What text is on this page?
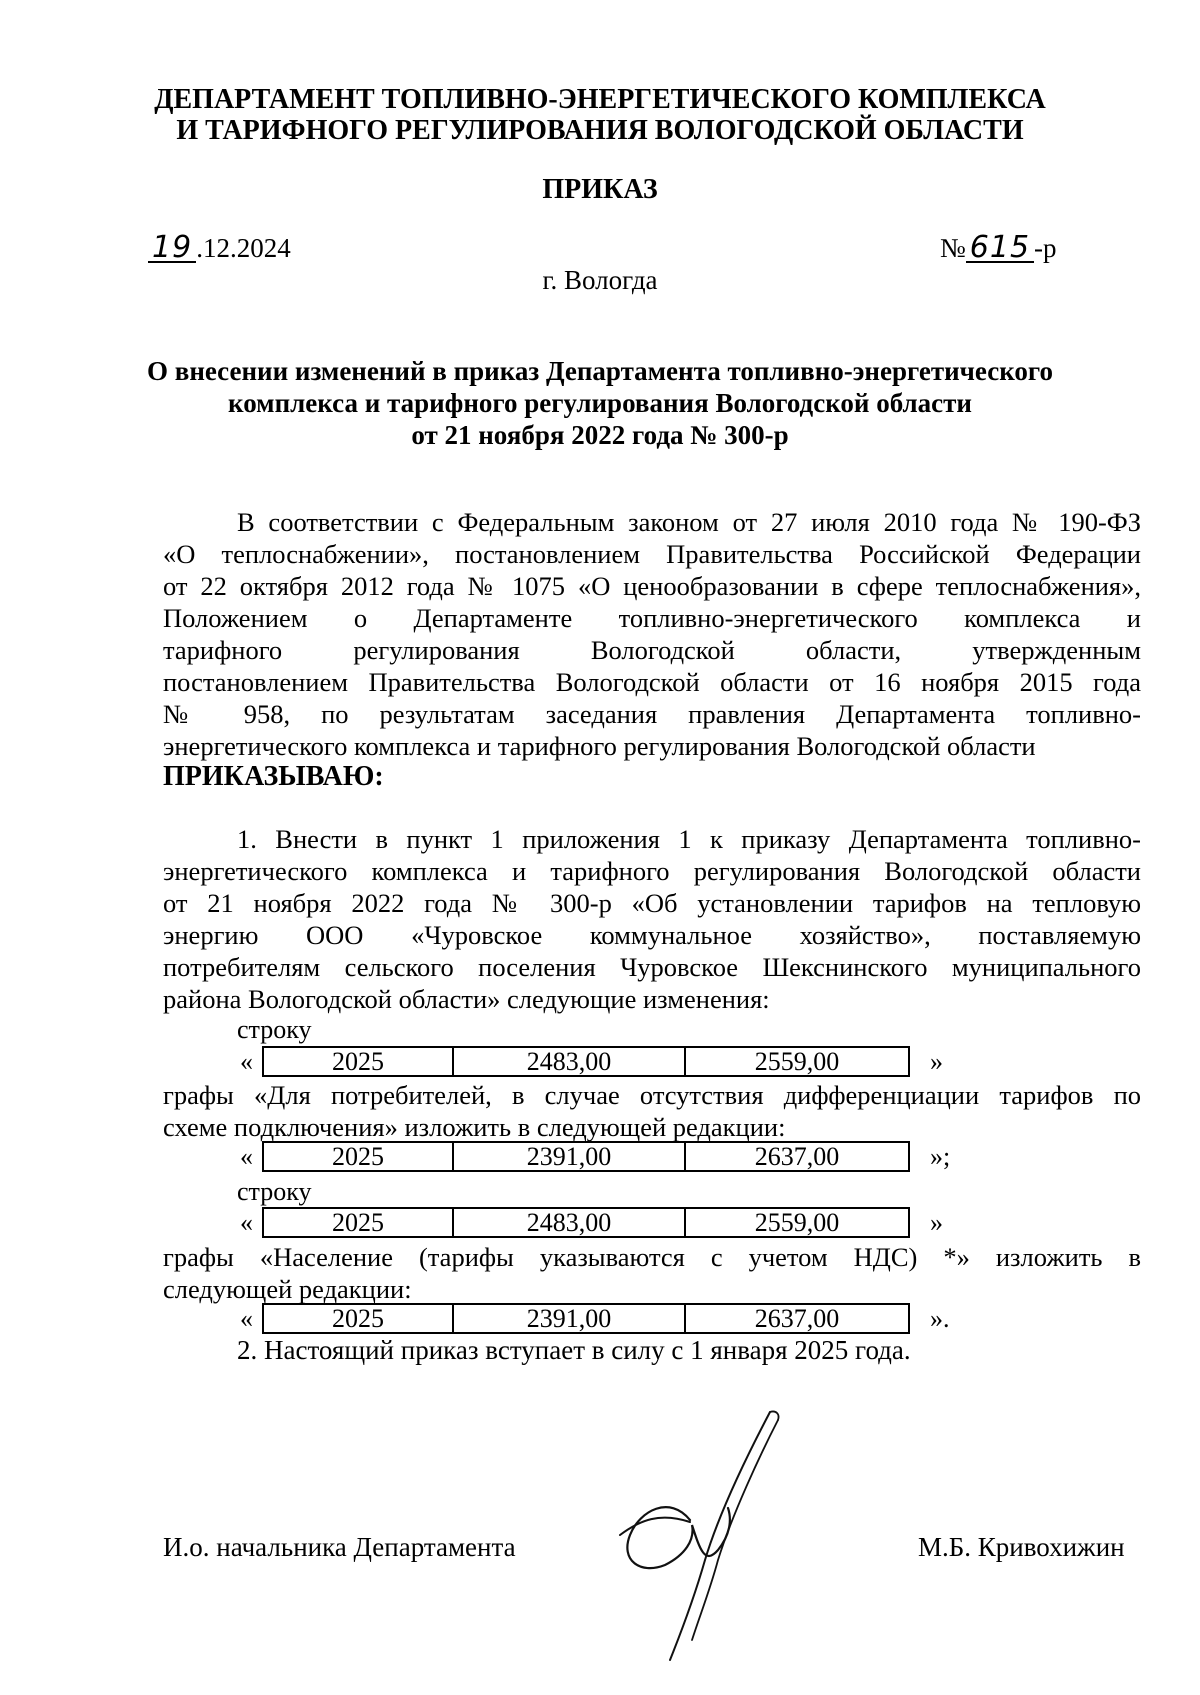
ДЕПАРТАМЕНТ ТОПЛИВНО-ЭНЕРГЕТИЧЕСКОГО КОМПЛЕКСА
И ТАРИФНОГО РЕГУЛИРОВАНИЯ ВОЛОГОДСКОЙ ОБЛАСТИ
ПРИКАЗ
19 .12.2024	№ 615 -р
г. Вологда
О внесении изменений в приказ Департамента топливно-энергетического
комплекса и тарифного регулирования Вологодской области
от 21 ноября 2022 года № 300-р
В соответствии с Федеральным законом от 27 июля 2010 года № 190-ФЗ
«О теплоснабжении», постановлением Правительства Российской Федерации
от 22 октября 2012 года № 1075 «О ценообразовании в сфере теплоснабжения»,
Положением о Департаменте топливно-энергетического комплекса и
тарифного регулирования Вологодской области, утвержденным
постановлением Правительства Вологодской области от 16 ноября 2015 года
№ 958, по результатам заседания правления Департамента топливно-
энергетического комплекса и тарифного регулирования Вологодской области
ПРИКАЗЫВАЮ:
1. Внести в пункт 1 приложения 1 к приказу Департамента топливно-
энергетического комплекса и тарифного регулирования Вологодской области
от 21 ноября 2022 года № 300-р «Об установлении тарифов на тепловую
энергию ООО «Чуровское коммунальное хозяйство», поставляемую
потребителям сельского поселения Чуровское Шекснинского муниципального
района Вологодской области» следующие изменения:
строку
«	2025	2483,00	2559,00	»
графы «Для потребителей, в случае отсутствия дифференциации тарифов по
схеме подключения» изложить в следующей редакции:
«	2025	2391,00	2637,00	»;
строку
«	2025	2483,00	2559,00	»
графы «Население (тарифы указываются с учетом НДС) *» изложить в
следующей редакции:
«	2025	2391,00	2637,00	».
2. Настоящий приказ вступает в силу с 1 января 2025 года.
И.о. начальника Департамента	М.Б. Кривохижин
